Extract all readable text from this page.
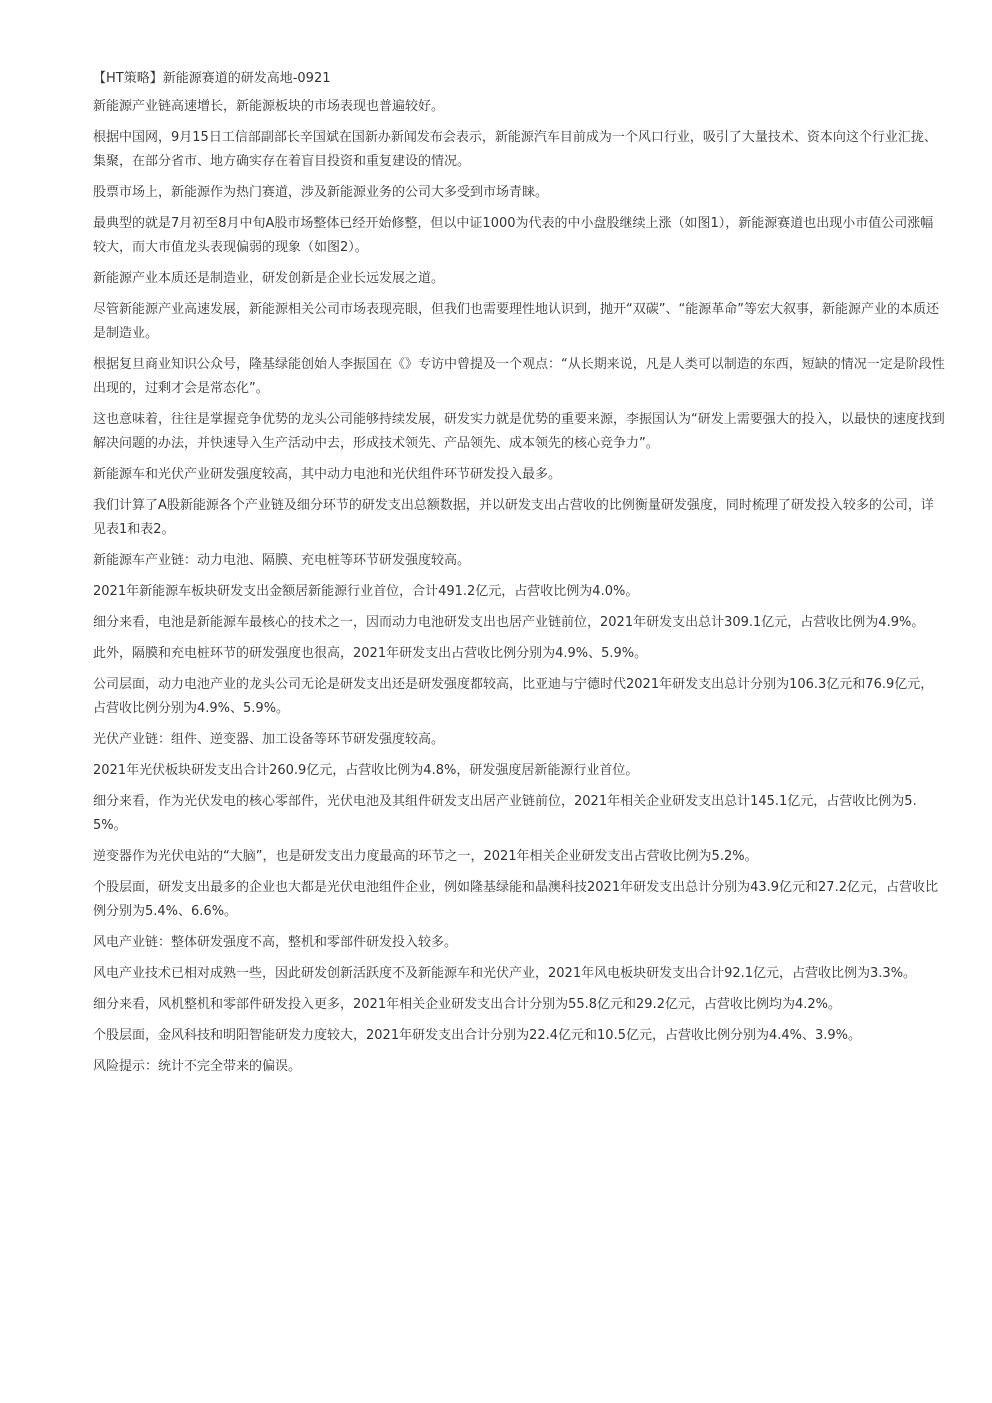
【HT策略】新能源赛道的研发高地-0921

新能源产业链高速增长，新能源板块的市场表现也普遍较好。

根据中国网，9月15日工信部副部长辛国斌在国新办新闻发布会表示，新能源汽车目前成为一个风口行业，吸引了大量技术、资本向这个行业汇拢、集聚，在部分省市、地方确实存在着盲目投资和重复建设的情况。

股票市场上，新能源作为热门赛道，涉及新能源业务的公司大多受到市场青睐。

最典型的就是7月初至8月中旬A股市场整体已经开始修整，但以中证1000为代表的中小盘股继续上涨（如图1），新能源赛道也出现小市值公司涨幅较大，而大市值龙头表现偏弱的现象（如图2）。

新能源产业本质还是制造业，研发创新是企业长远发展之道。

尽管新能源产业高速发展，新能源相关公司市场表现亮眼，但我们也需要理性地认识到，抛开“双碳”、“能源革命”等宏大叙事，新能源产业的本质还是制造业。

根据复旦商业知识公众号，隆基绿能创始人李振国在《》专访中曾提及一个观点：“从长期来说，凡是人类可以制造的东西，短缺的情况一定是阶段性出现的，过剩才会是常态化”。

这也意味着，往往是掌握竞争优势的龙头公司能够持续发展，研发实力就是优势的重要来源，李振国认为“研发上需要强大的投入，以最快的速度找到解决问题的办法，并快速导入生产活动中去，形成技术领先、产品领先、成本领先的核心竞争力”。

新能源车和光伏产业研发强度较高，其中动力电池和光伏组件环节研发投入最多。

我们计算了A股新能源各个产业链及细分环节的研发支出总额数据，并以研发支出占营收的比例衡量研发强度，同时梳理了研发投入较多的公司，详见表1和表2。

新能源车产业链：动力电池、隔膜、充电桩等环节研发强度较高。

2021年新能源车板块研发支出金额居新能源行业首位，合计491.2亿元，占营收比例为4.0%。

细分来看，电池是新能源车最核心的技术之一，因而动力电池研发支出也居产业链前位，2021年研发支出总计309.1亿元，占营收比例为4.9%。

此外，隔膜和充电桩环节的研发强度也很高，2021年研发支出占营收比例分别为4.9%、5.9%。

公司层面，动力电池产业的龙头公司无论是研发支出还是研发强度都较高，比亚迪与宁德时代2021年研发支出总计分别为106.3亿元和76.9亿元，占营收比例分别为4.9%、5.9%。

光伏产业链：组件、逆变器、加工设备等环节研发强度较高。

2021年光伏板块研发支出合计260.9亿元，占营收比例为4.8%，研发强度居新能源行业首位。

细分来看，作为光伏发电的核心零部件，光伏电池及其组件研发支出居产业链前位，2021年相关企业研发支出总计145.1亿元，占营收比例为5.5%。

逆变器作为光伏电站的“大脑”，也是研发支出力度最高的环节之一，2021年相关企业研发支出占营收比例为5.2%。

个股层面，研发支出最多的企业也大都是光伏电池组件企业，例如隆基绿能和晶澳科技2021年研发支出总计分别为43.9亿元和27.2亿元，占营收比例分别为5.4%、6.6%。

风电产业链：整体研发强度不高，整机和零部件研发投入较多。

风电产业技术已相对成熟一些，因此研发创新活跃度不及新能源车和光伏产业，2021年风电板块研发支出合计92.1亿元，占营收比例为3.3%。

细分来看，风机整机和零部件研发投入更多，2021年相关企业研发支出合计分别为55.8亿元和29.2亿元，占营收比例均为4.2%。

个股层面，金风科技和明阳智能研发力度较大，2021年研发支出合计分别为22.4亿元和10.5亿元，占营收比例分别为4.4%、3.9%。

风险提示：统计不完全带来的偏误。
